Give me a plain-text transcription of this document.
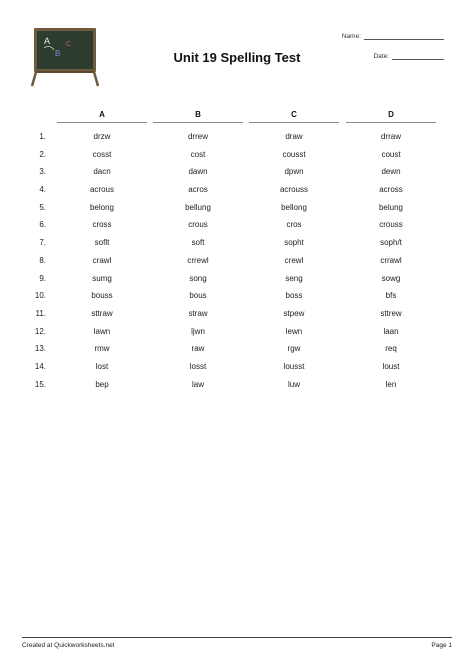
A
B
C
Unit 19 Spelling Test
Name:
Date:
A	B	C	D
1.	drzw	drrew	draw	drraw
2.	cosst	cost	cousst	coust
3.	dacn	dawn	dpwn	dewn
4.	acrous	acros	acrouss	across
5.	belong	bellung	bellong	belung
6.	cross	crous	cros	crouss
7.	soflt	soft	sopht	soph/t
8.	crawl	crrewl	crewl	crrawl
9.	sumg	song	seng	sowg
10.	bouss	bous	boss	bfs
11.	sttraw	straw	stpew	sttrew
12.	lawn	ljwn	lewn	laan
13.	rmw	raw	rgw	req
14.	lost	losst	lousst	loust
15.	bep	law	luw	len
Created at Quickworksheets.net	Page 1
